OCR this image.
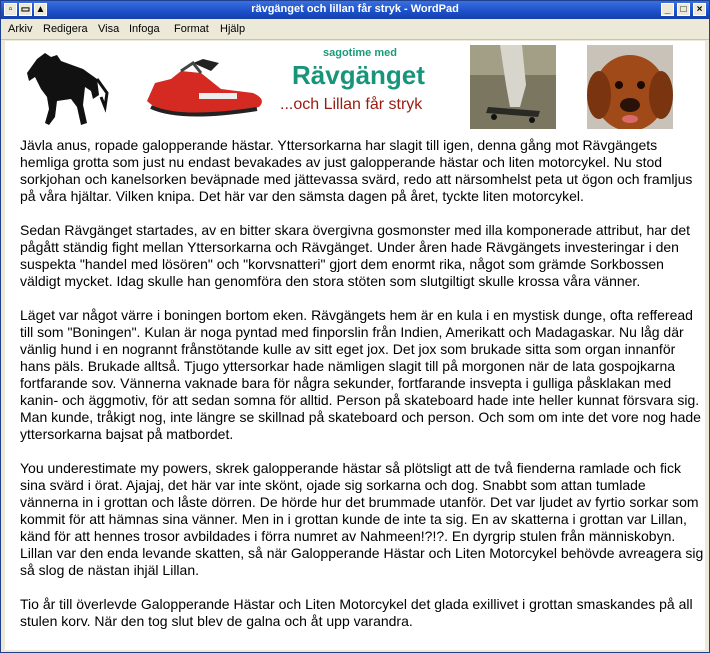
▫ ▭ ▲	rävgänget och lillan får stryk - WordPad	_	□	×
Arkiv Redigera Visa Infoga Format Hjälp
sagotime med
Rävgänget
...och Lillan får stryk

Jävla anus, ropade galopperande hästar. Yttersorkarna har slagit till igen, denna gång mot Rävgängets hemliga grotta som just nu endast bevakades av just galopperande hästar och liten motorcykel. Nu stod sorkjohan och kanelsorken beväpnade med jättevassa svärd, redo att närsomhelst peta ut ögon och framljus på våra hjältar. Vilken knipa. Det här var den sämsta dagen på året, tyckte liten motorcykel.

Sedan Rävgänget startades, av en bitter skara övergivna gosmonster med illa komponerade attribut, har det pågått ständig fight mellan Yttersorkarna och Rävgänget. Under åren hade Rävgängets investeringar i den suspekta "handel med lösören" och "korvsnatteri" gjort dem enormt rika, något som grämde Sorkbossen väldigt mycket. Idag skulle han genomföra den stora stöten som slutgiltigt skulle krossa våra vänner.

Läget var något värre i boningen bortom eken. Rävgängets hem är en kula i en mystisk dunge, ofta refferead till som "Boningen". Kulan är noga pyntad med finporslin från Indien, Amerikatt och Madagaskar. Nu låg där vänlig hund i en nogrannt frånstötande kulle av sitt eget jox. Det jox som brukade sitta som organ innanför hans päls. Brukade alltså. Tjugo yttersorkar hade nämligen slagit till på morgonen när de lata gospojkarna fortfarande sov. Vännerna vaknade bara för några sekunder, fortfarande insvepta i gulliga påsklakan med kanin- och äggmotiv, för att sedan somna för alltid. Person på skateboard hade inte heller kunnat försvara sig. Man kunde, tråkigt nog, inte längre se skillnad på skateboard och person. Och som om inte det vore nog hade yttersorkarna bajsat på matbordet.

You underestimate my powers, skrek galopperande hästar så plötsligt att de två fienderna ramlade och fick sina svärd i örat. Ajajaj, det här var inte skönt, ojade sig sorkarna och dog. Snabbt som attan tumlade vännerna in i grottan och låste dörren. De hörde hur det brummade utanför. Det var ljudet av fyrtio sorkar som kommit för att hämnas sina vänner. Men in i grottan kunde de inte ta sig. En av skatterna i grottan var Lillan, känd för att hennes trosor avbildades i förra numret av Nahmeen!?!?. En dyrgrip stulen från människobyn. Lillan var den enda levande skatten, så när Galopperande Hästar och Liten Motorcykel behövde avreagera sig så slog de nästan ihjäl Lillan.

Tio år till överlevde Galopperande Hästar och Liten Motorcykel det glada exillivet i grottan smaskandes på all stulen korv. När den tog slut blev de galna och åt upp varandra.
